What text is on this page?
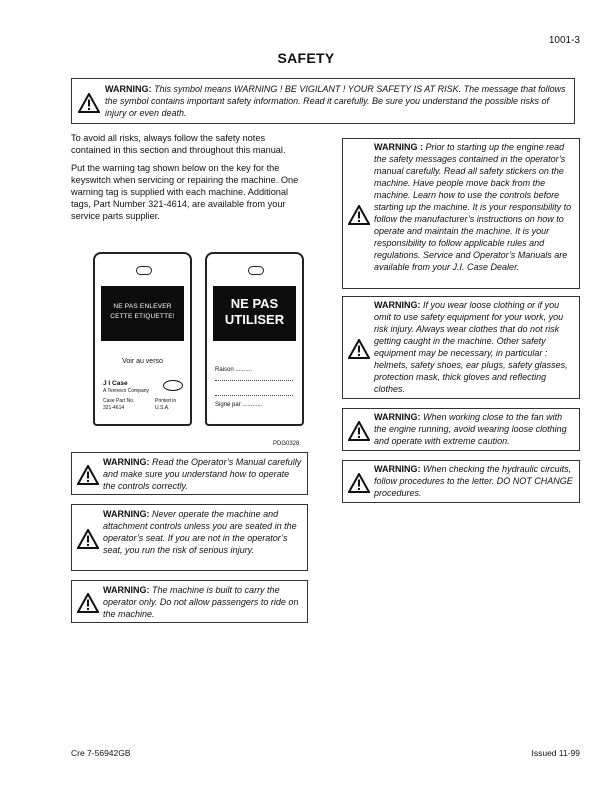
1001-3
SAFETY
WARNING: This symbol means WARNING ! BE VIGILANT ! YOUR SAFETY IS AT RISK. The message that follows the symbol contains important safety information. Read it carefully. Be sure you understand the possible risks of injury or even death.
To avoid all risks, always follow the safety notes contained in this section and throughout this manual.
Put the warning tag shown below on the key for the keyswitch when servicing or repairing the machine. One warning tag is supplied with each machine. Additional tags, Part Number 321-4614, are available from your service parts supplier.
NE PAS ENLEVER
CETTE ETIQUETTE!
Voir au verso
J I Case
A Tenneco Company
Case Part No.
321-4614
Printed in
U.S.A.
NE PAS
UTILISER
Raison ..........
Signé par ............
PDG0328
WARNING: Read the Operator’s Manual carefully and make sure you understand how to operate the controls correctly.
WARNING: Never operate the machine and attachment controls unless you are seated in the operator’s seat. If you are not in the operator’s seat, you run the risk of serious injury.
WARNING: The machine is built to carry the operator only. Do not allow passengers to ride on the machine.
WARNING : Prior to starting up the engine read the safety messages contained in the operator’s manual carefully. Read all safety stickers on the machine. Have people move back from the machine. Learn how to use the controls before starting up the machine. It is your responsibility to follow the manufacturer’s instructions on how to operate and maintain the machine. It is your responsibility to follow applicable rules and regulations. Service and Operator’s Manuals are available from your J.I. Case Dealer.
WARNING: If you wear loose clothing or if you omit to use safety equipment for your work, you risk injury. Always wear clothes that do not risk getting caught in the machine. Other safety equipment may be necessary, in particular : helmets, safety shoes, ear plugs, safety glasses, protection mask, thick gloves and reflecting clothes.
WARNING: When working close to the fan with the engine running, avoid wearing loose clothing and operate with extreme caution.
WARNING: When checking the hydraulic circuits, follow procedures to the letter. DO NOT CHANGE procedures.
Cre 7-56942GB	Issued 11-99
